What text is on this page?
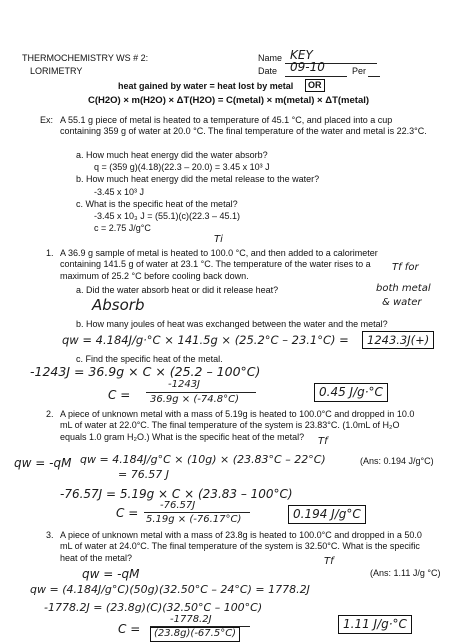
THERMOCHEMISTRY WS # 2:
LORIMETRY
Name KEY
Date 09-10	Per
heat gained by water = heat lost by metal	OR
C(H2O) × m(H2O) × ΔT(H2O) = C(metal) × m(metal) × ΔT(metal)
Ex: A 55.1 g piece of metal is heated to a temperature of 45.1 °C, and placed into a cup containing 359 g of water at 20.0 °C. The final temperature of the water and metal is 22.3°C.
a. How much heat energy did the water absorb?
q = (359 g)(4.18)(22.3 – 20.0) = 3.45 x 10³ J
b. How much heat energy did the metal release to the water?
-3.45 x 10³ J
c. What is the specific heat of the metal?
-3.45 x 10₃ J = (55.1)(c)(22.3 – 45.1)
c = 2.75 J/g°C
Ti
1. A 36.9 g sample of metal is heated to 100.0 °C, and then added to a calorimeter containing 141.5 g of water at 23.1 °C. The temperature of the water rises to a maximum of 25.2 °C before cooling back down.
Tf for
a. Did the water absorb heat or did it release heat?
Absorb
both metal
& water
b. How many joules of heat was exchanged between the water and the metal?
qw = 4.184J/g·°C × 141.5g × (25.2°C – 23.1°C) =	1243.3J(+)
c. Find the specific heat of the metal.
-1243J = 36.9g × C × (25.2 – 100°C)
C =
-1243J
36.9g × (-74.8°C)
0.45 J/g·°C
2. A piece of unknown metal with a mass of 5.19g is heated to 100.0°C and dropped in 10.0 mL of water at 22.0°C. The final temperature of the system is 23.83°C. (1.0mL of H₂O equals 1.0 gram H₂O.) What is the specific heat of the metal?	Tf
qw = -qM qw = 4.184J/g°C × (10g) × (23.83°C – 22°C)	(Ans: 0.194 J/g°C)
= 76.57 J
-76.57J = 5.19g × C × (23.83 – 100°C)
C =
-76.57J
5.19g × (-76.17°C)	0.194 J/g°C
3. A piece of unknown metal with a mass of 23.8g is heated to 100.0°C and dropped in a 50.0 mL of water at 24.0°C. The final temperature of the system is 32.50°C. What is the specific heat of the metal?	Tf
(Ans: 1.11 J/g °C)
qw = -qM
qw = (4.184J/g°C)(50g)(32.50°C – 24°C) = 1778.2J
-1778.2J = (23.8g)(C)(32.50°C – 100°C)
C =
-1778.2J
(23.8g)(-67.5°C)
1.11 J/g·°C
